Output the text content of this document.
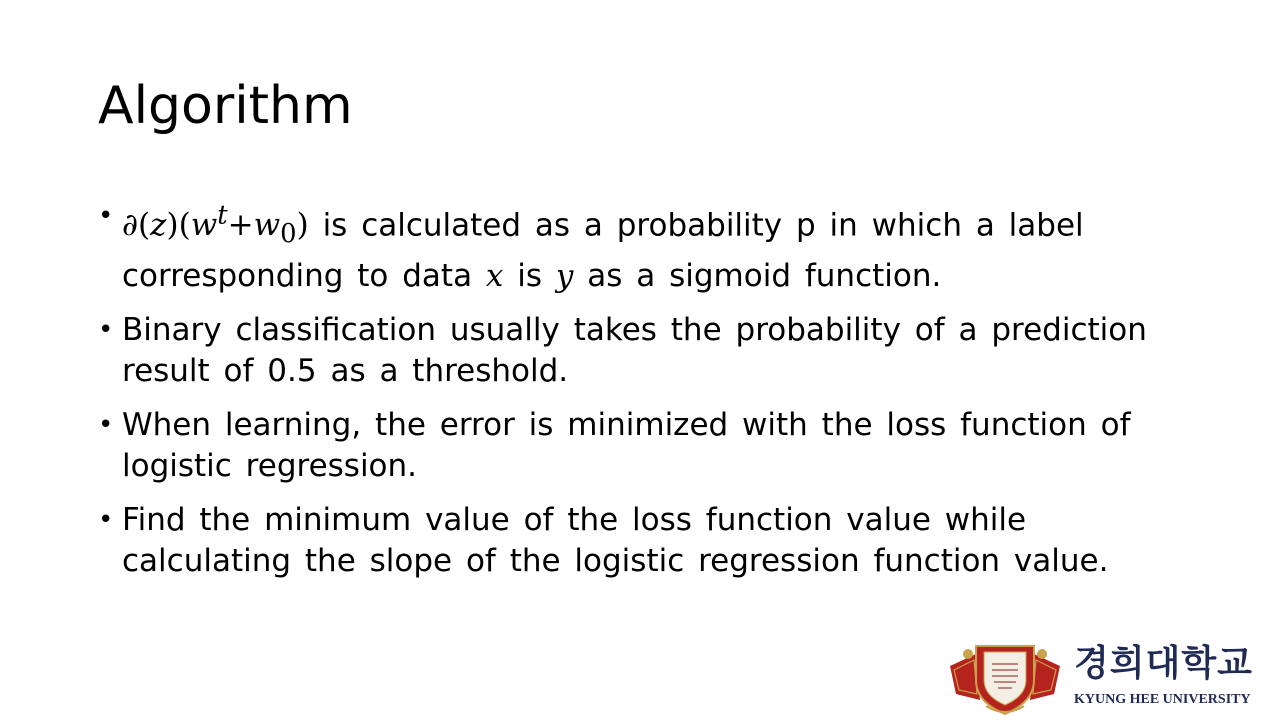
Algorithm
• $\partial(z)(w^t+w_0)$ is calculated as a probability p in which a label corresponding to data x is y as a sigmoid function.
• Binary classification usually takes the probability of a prediction result of 0.5 as a threshold.
• When learning, the error is minimized with the loss function of logistic regression.
• Find the minimum value of the loss function value while calculating the slope of the logistic regression function value.
경희대학교
KYUNG HEE UNIVERSITY
